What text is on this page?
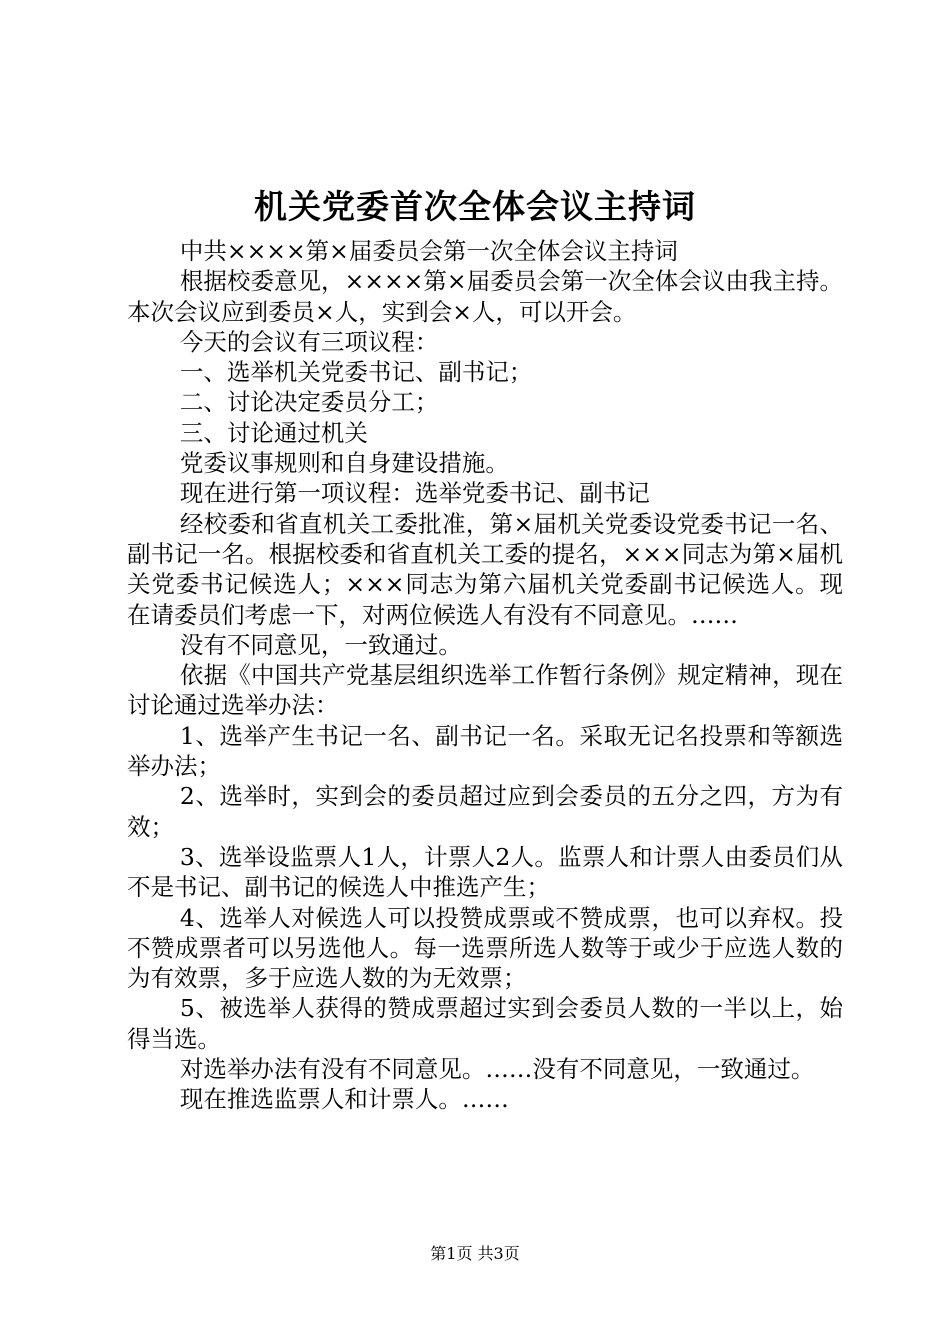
机关党委首次全体会议主持词

中共××××第×届委员会第一次全体会议主持词

根据校委意见，××××第×届委员会第一次全体会议由我主持。本次会议应到委员×人，实到会×人，可以开会。

今天的会议有三项议程：

一、选举机关党委书记、副书记；

二、讨论决定委员分工；

三、讨论通过机关

党委议事规则和自身建设措施。

现在进行第一项议程：选举党委书记、副书记

经校委和省直机关工委批准，第×届机关党委设党委书记一名、副书记一名。根据校委和省直机关工委的提名，×××同志为第×届机关党委书记候选人；×××同志为第六届机关党委副书记候选人。现在请委员们考虑一下，对两位候选人有没有不同意见。……

没有不同意见，一致通过。

依据《中国共产党基层组织选举工作暂行条例》规定精神，现在讨论通过选举办法：

1、选举产生书记一名、副书记一名。采取无记名投票和等额选举办法；

2、选举时，实到会的委员超过应到会委员的五分之四，方为有效；

3、选举设监票人1人，计票人2人。监票人和计票人由委员们从不是书记、副书记的候选人中推选产生；

4、选举人对候选人可以投赞成票或不赞成票，也可以弃权。投不赞成票者可以另选他人。每一选票所选人数等于或少于应选人数的为有效票，多于应选人数的为无效票；

5、被选举人获得的赞成票超过实到会委员人数的一半以上，始得当选。

对选举办法有没有不同意见。……没有不同意见，一致通过。

现在推选监票人和计票人。……

第1页 共3页
